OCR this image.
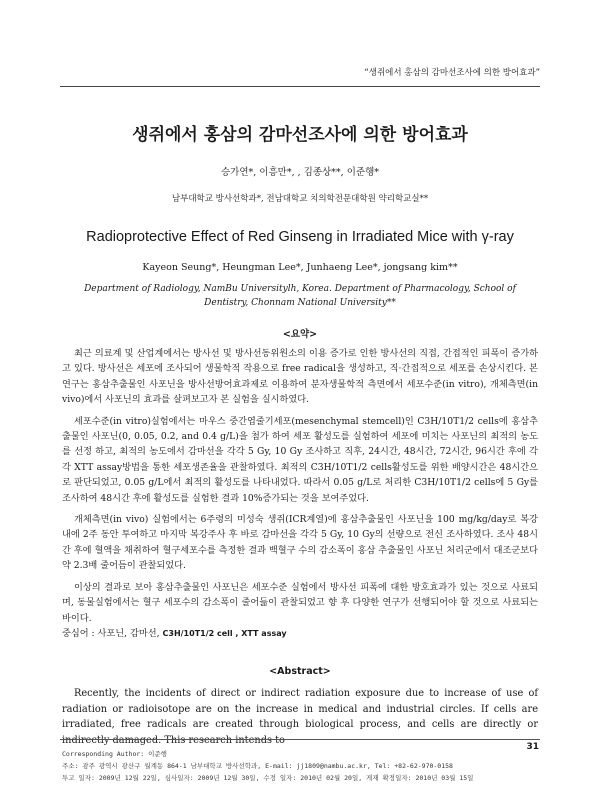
“생쥐에서 홍삼의 감마선조사에 의한 방어효과”
생쥐에서 홍삼의 감마선조사에 의한 방어효과
승가연*, 이흥만*, , 김종상**, 이준행*
남부대학교 방사선학과*, 전남대학교 치의학전문대학원 약리학교실**
Radioprotective Effect of Red Ginseng in Irradiated Mice with γ-ray
Kayeon Seung*, Heungman Lee*, Junhaeng Lee*, jongsang kim**
Department of Radiology, NamBu Universitylh, Korea. Department of Pharmacology, School of Dentistry, Chonnam National University**
<요약>

최근 의료계 및 산업계에서는 방사선 및 방사선동위원소의 이용 증가로 인한 방사선의 직접, 간접적인 피폭이 증가하고 있다. 방사선은 세포에 조사되어 생물학적 작용으로 free radical을 생성하고, 직·간접적으로 세포를 손상시킨다. 본 연구는 홍삼추출물인 사포닌을 방사선방어효과제로 이용하여 분자생물학적 측면에서 세포수준(in vitro), 개체측면(in vivo)에서 사포닌의 효과를 살펴보고자 본 실험을 실시하였다.

세포수준(in vitro)실험에서는 마우스 중간엽줄기세포(mesenchymal stemcell)인 C3H/10T1/2 cells에 홍삼추출물인 사포닌(0, 0.05, 0.2, and 0.4 g/L)을 첨가 하여 세포 활성도를 실험하여 세포에 미치는 사포닌의 최적의 농도를 선정 하고, 최적의 농도에서 감마선을 각각 5 Gy, 10 Gy 조사하고 직후, 24시간, 48시간, 72시간, 96시간 후에 각각 XTT assay방법을 통한 세포생존율을 관찰하였다. 최적의 C3H/10T1/2 cells활성도를 위한 배양시간은 48시간으로 판단되었고, 0.05 g/L에서 최적의 활성도를 나타내었다. 따라서 0.05 g/L로 처리한 C3H/10T1/2 cells에 5 Gy를 조사하여 48시간 후에 활성도를 실험한 결과 10%증가되는 것을 보여주었다.

개체측면(in vivo) 실험에서는 6주령의 미성숙 생쥐(ICR계열)에 홍삼추출물인 사포닌을 100 mg/kg/day로 복강 내에 2주 동안 투여하고 마지막 복강주사 후 바로 감마선을 각각 5 Gy, 10 Gy의 선량으로 전신 조사하였다. 조사 48시간 후에 혈액을 채취하여 혈구세포수를 측정한 결과 백혈구 수의 감소폭이 홍삼 추출물인 사포닌 처리군에서 대조군보다 약 2.3배 줄어듬이 관찰되었다.

이상의 결과로 보아 홍삼추출물인 사포닌은 세포수준 실험에서 방사선 피폭에 대한 방호효과가 있는 것으로 사료되며, 동물실험에서는 혈구 세포수의 감소폭이 줄어듦이 관찰되었고 향 후 다양한 연구가 선행되어야 할 것으로 사료되는 바이다.

중심어 : 사포닌, 감마선, C3H/10T1/2 cell , XTT assay
<Abstract>

Recently, the incidents of direct or indirect radiation exposure due to increase of use of radiation or radioisotope are on the increase in medical and industrial circles. If cells are irradiated, free radicals are created through biological process, and cells are directly or indirectly damaged. This research intends to

31
Corresponding Author: 이준행
주소: 광주 광역시 광산구 월계동 864-1 남부대학교 방사선학과, E-mail: jj1809@nambu.ac.kr, Tel: +82-62-970-0158
투고 일자: 2009년 12월 22일, 심사일자: 2009년 12월 30일, 수정 일자: 2010년 02월 20일, 게재 확정일자: 2010년 03월 15일
